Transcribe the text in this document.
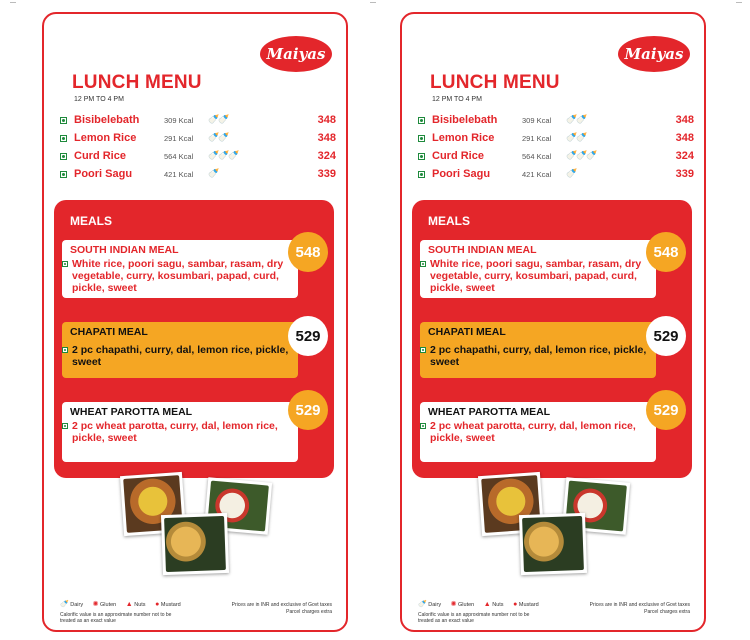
Maiyas
LUNCH MENU
12 PM TO 4 PM
Bisibelebath	309 Kcal 🍼🍼	348
Lemon Rice	291 Kcal 🍼🍼	348
Curd Rice	564 Kcal 🍼🍼🍼	324
Poori Sagu	421 Kcal 🍼	339
MEALS
SOUTH INDIAN MEAL
White rice, poori sagu, sambar, rasam, dry vegetable, curry, kosumbari, papad, curd, pickle, sweet
548
CHAPATI MEAL
2 pc chapathi, curry, dal, lemon rice, pickle, sweet
529
WHEAT PAROTTA MEAL
2 pc wheat parotta, curry, dal, lemon rice, pickle, sweet
529
🍼 Dairy ✺ Gluten ▲ Nuts ● Mustard
Calorific value is an approximate number not to be treated as an exact value
Prices are in INR and exclusive of Govt taxes
Parcel charges extra
Maiyas
LUNCH MENU
12 PM TO 4 PM
Bisibelebath	309 Kcal 🍼🍼	348
Lemon Rice	291 Kcal 🍼🍼	348
Curd Rice	564 Kcal 🍼🍼🍼	324
Poori Sagu	421 Kcal 🍼	339
MEALS
SOUTH INDIAN MEAL
White rice, poori sagu, sambar, rasam, dry vegetable, curry, kosumbari, papad, curd, pickle, sweet
548
CHAPATI MEAL
2 pc chapathi, curry, dal, lemon rice, pickle, sweet
529
WHEAT PAROTTA MEAL
2 pc wheat parotta, curry, dal, lemon rice, pickle, sweet
529
🍼 Dairy ✺ Gluten ▲ Nuts ● Mustard
Calorific value is an approximate number not to be treated as an exact value
Prices are in INR and exclusive of Govt taxes
Parcel charges extra
